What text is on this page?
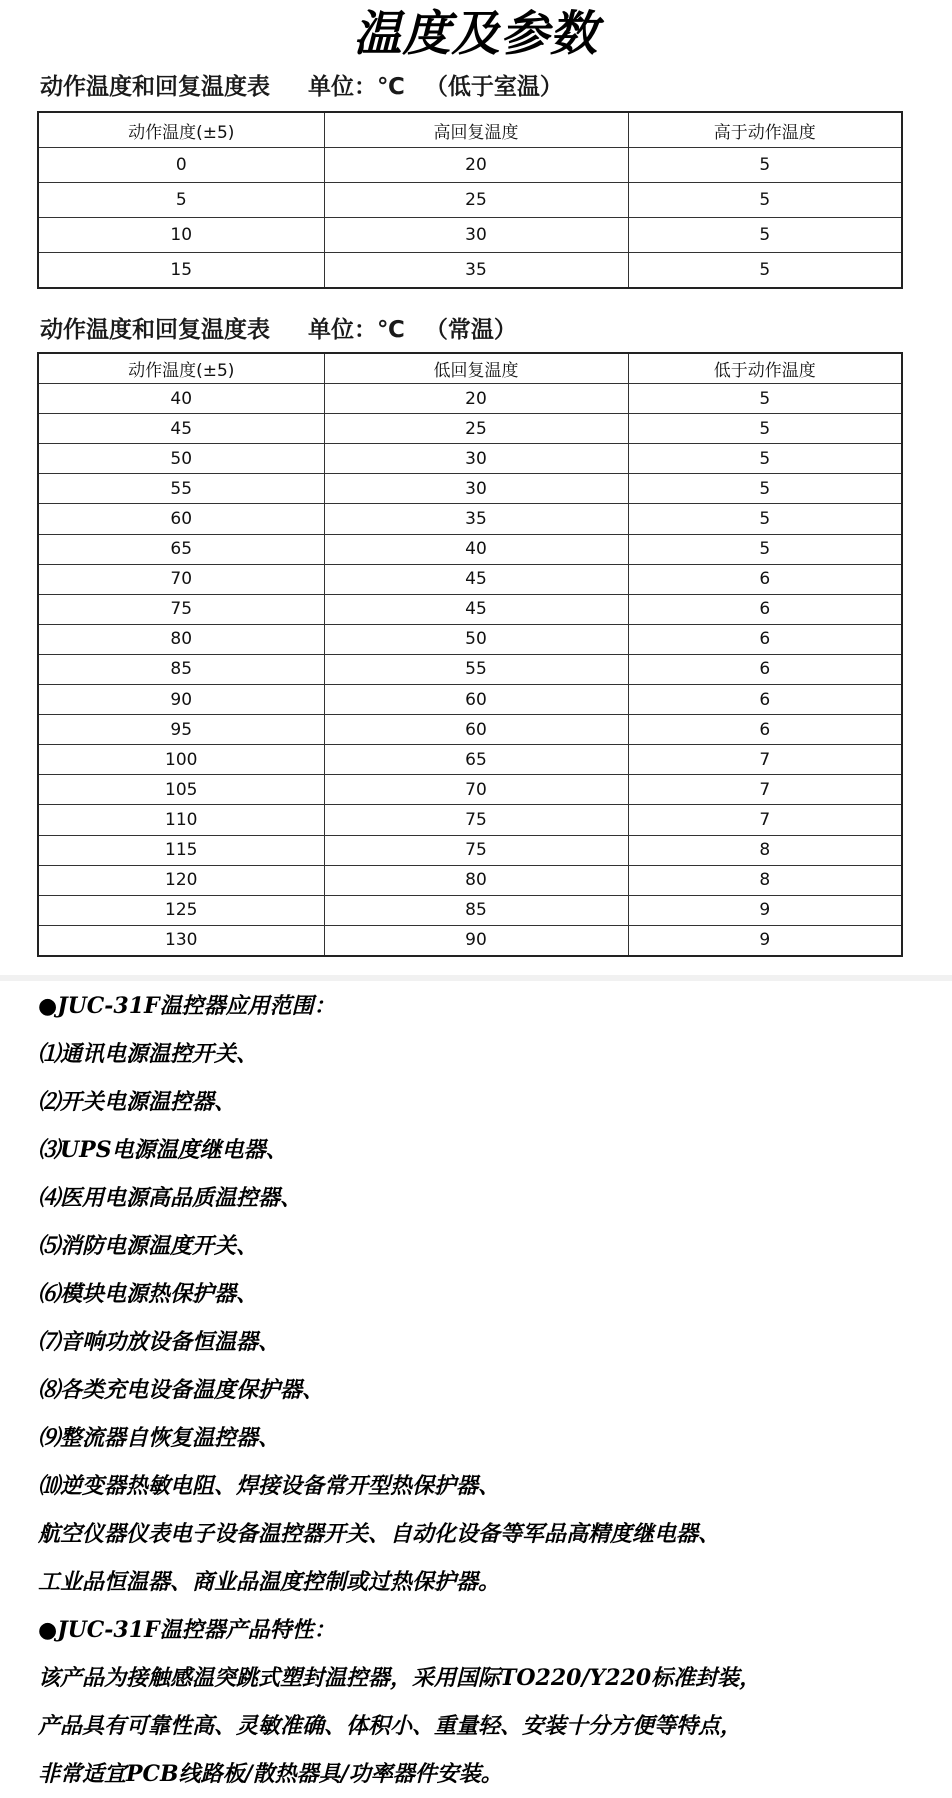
温度及参数
动作温度和回复温度表 单位：℃ （低于室温）
动作温度(±5)	高回复温度	高于动作温度
0	20	5
5	25	5
10	30	5
15	35	5
动作温度和回复温度表 单位：℃ （常温）
动作温度(±5)	低回复温度	低于动作温度
40	20	5
45	25	5
50	30	5
55	30	5
60	35	5
65	40	5
70	45	6
75	45	6
80	50	6
85	55	6
90	60	6
95	60	6
100	65	7
105	70	7
110	75	7
115	75	8
120	80	8
125	85	9
130	90	9

●JUC-31F温控器应用范围：

⑴通讯电源温控开关、

⑵开关电源温控器、

⑶UPS电源温度继电器、

⑷医用电源高品质温控器、

⑸消防电源温度开关、

⑹模块电源热保护器、

⑺音响功放设备恒温器、

⑻各类充电设备温度保护器、

⑼整流器自恢复温控器、

⑽逆变器热敏电阻、焊接设备常开型热保护器、

航空仪器仪表电子设备温控器开关、自动化设备等军品高精度继电器、

工业品恒温器、商业品温度控制或过热保护器。

●JUC-31F温控器产品特性：

该产品为接触感温突跳式塑封温控器，采用国际TO220/Y220标准封装，

产品具有可靠性高、灵敏准确、体积小、重量轻、安装十分方便等特点，

非常适宜PCB线路板/散热器具/功率器件安装。
